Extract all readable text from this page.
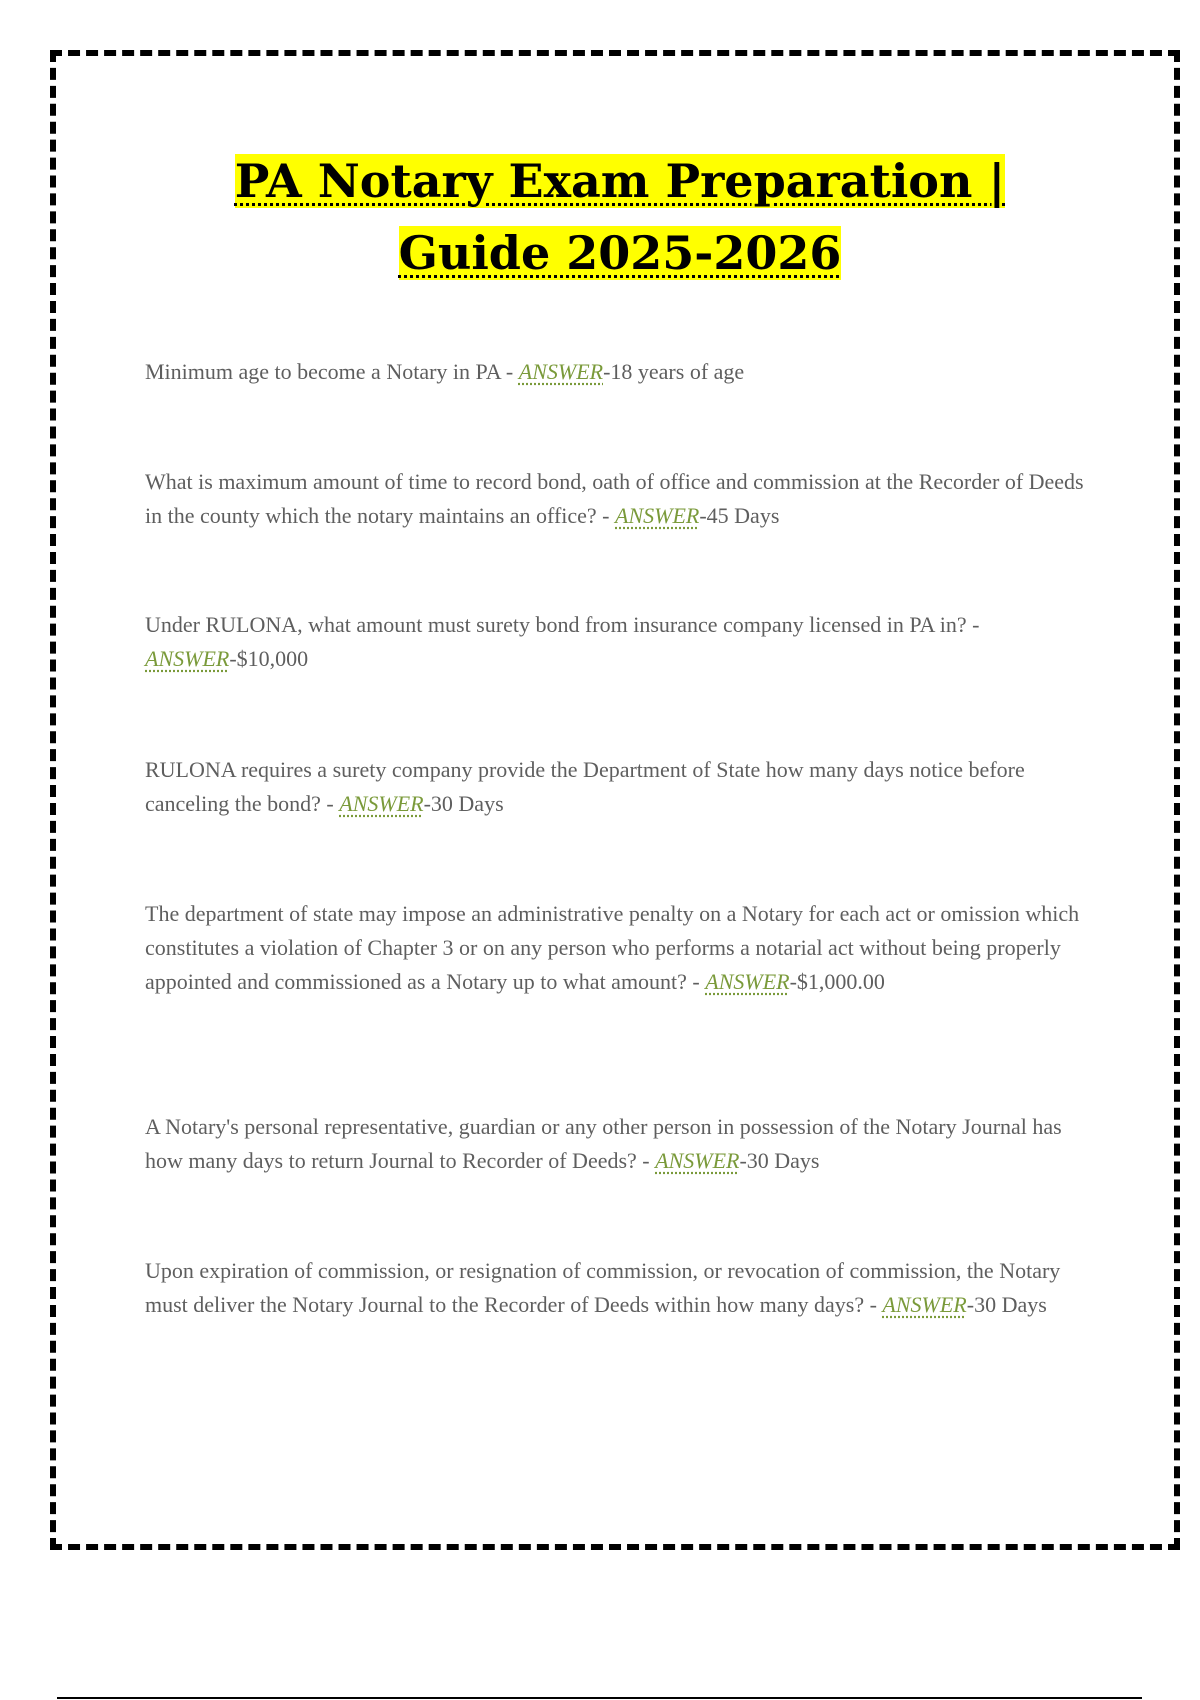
PA Notary Exam Preparation | Guide 2025-2026
Minimum age to become a Notary in PA - ANSWER-18 years of age
What is maximum amount of time to record bond, oath of office and commission at the Recorder of Deeds in the county which the notary maintains an office? - ANSWER-45 Days
Under RULONA, what amount must surety bond from insurance company licensed in PA in? - ANSWER-$10,000
RULONA requires a surety company provide the Department of State how many days notice before canceling the bond? - ANSWER-30 Days
The department of state may impose an administrative penalty on a Notary for each act or omission which constitutes a violation of Chapter 3 or on any person who performs a notarial act without being properly appointed and commissioned as a Notary up to what amount? - ANSWER-$1,000.00
A Notary's personal representative, guardian or any other person in possession of the Notary Journal has how many days to return Journal to Recorder of Deeds? - ANSWER-30 Days
Upon expiration of commission, or resignation of commission, or revocation of commission, the Notary must deliver the Notary Journal to the Recorder of Deeds within how many days? - ANSWER-30 Days
